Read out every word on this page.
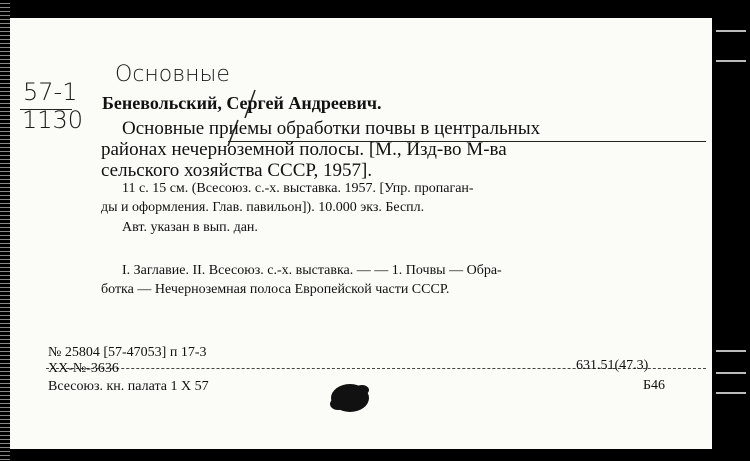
Основные
57-1
1130
Беневольский, Сергей Андреевич.
Основные приемы обработки почвы в центральных
районах нечерноземной полосы. [М., Изд-во М-ва
сельского хозяйства СССР, 1957].
11 с. 15 см. (Всесоюз. с.-х. выставка. 1957. [Упр. пропаган-
ды и оформления. Глав. павильон]). 10.000 экз. Беспл.
Авт. указан в вып. дан.
I. Заглавие. II. Всесоюз. с.-х. выставка. — — 1. Почвы — Обра-
ботка — Нечерноземная полоса Европейской части СССР.
№ 25804 [57-47053] п 17-3
XX-№-3636	631.51(47.3)
Всесоюз. кн. палата 1 X 57	Б46
